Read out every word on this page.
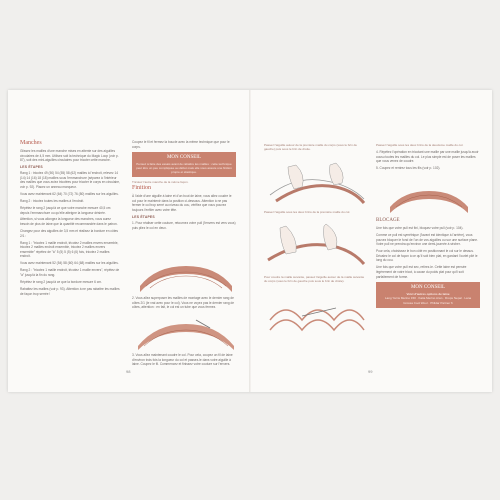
Manches

Glissez les mailles d'une manche mises en attente sur des aiguilles circulaires de 4,5 mm. Utilisez soit la technique du Magic Loop (voir p. 87), soit des mini-aiguilles circulaires pour tricoter cette manche.

LES ÉTAPES

Rang 1 : tricotez 49 (50) 54 (55) 58 (62) mailles à l'endroit, relevez 14 (14) 14 (16) 18 (18) mailles sous l'emmanchure (séparez à l'intérieur des mailles que vous aviez tricotées pour tricoter le corps en circulaire, voir p. 92). Placez un anneau marqueur.

Vous avez maintenant 62 (64) 70 (72) 76 (80) mailles sur les aiguilles.

Rang 2 : tricotez toutes les mailles à l'endroit.

Répétez le rang 2 jusqu'à ce que votre manche mesure 40,5 cm depuis l'emmanchure ou qu'elle atteigne la longueur désirée.

Attention, si vous allongez la longueur des manches, vous aurez besoin de plus de laine que la quantité recommandée dans le patron.

Changez pour des aiguilles de 3,5 mm et réalisez la bordure en côtes 2/1 :

Rang 1 : "tricotez 1 maille endroit, tricotez 2 mailles envers ensemble, tricotez 2 mailles endroit ensemble, tricotez 2 mailles envers ensemble" répétez de "à" 5 (5) 5 (5) 6 (6) fois, tricotez 2 mailles endroit.

Vous avez maintenant 52 (54) 58 (60) 64 (68) mailles sur les aiguilles.

Rang 2 : "tricotez 1 maille endroit, tricotez 1 maille envers", répétez de "à" jusqu'à la fin du rang.

Répétez le rang 2 jusqu'à ce que la bordure mesure 6 cm.

Rabattez les mailles (voir p. 93). Attention à ne pas rabattre les mailles de façon trop serrée !

Coupez le fil et fermez la boucle avec la même technique que pour le corps.

MON CONSEIL

Pensez à faire des essais avant de rabattre les mailles : cette technique peut être un peu compliquée au début mais elle vous assure une finition propre et élastique.

Tricotez l'autre manche de la même façon.

Finition

À l'aide d'une aiguille à laine et d'un bout de laine, vous allez coudre le col pour le maintenir dans la position ci-dessous. Attention à ne pas fermer le col trop serré au niveau du cou, vérifiez que vous pouvez toujours l'enfiler avec votre tête.

LES ÉTAPES

1. Pour réaliser cette couture, retournez votre pull (l'envers est vers vous) puis pliez le col en deux.

2. Vous allez superposer les mailles de montage avec le dernier rang de côtes 2/1 (le vrai avec pour le col). Vous ne voyez pas le dernier rang de côtes, attention : en fait, le col est un tube que vous fermez.

3. Vous allez maintenant coudre le col. Pour cela, coupez un fil de laine d'environ trois fois la longueur du col et passez-le dans votre aiguille à laine. Coupez le fil. Commencez et finissez votre couture sur l'envers.

98

Passez l'aiguille autour de la première maille du corps (sous le brin de gauche) puis sous le brin de droite.

Passez l'aiguille sous les deux brins de la première maille du col.

Pour coudre la maille suivante, passez l'aiguille autour de la maille suivante du corps (sous le brin de gauche puis sous le brin de droite).

Passez l'aiguille sous les deux brins de la deuxième maille du col.

4. Répétez l'opération en tricotant une maille par une maille jusqu'à avoir cousu toutes les mailles du col. Le plus simple est de poser les mailles que vous venez de coudre.

5. Coupez et rentrez tous les fils (voir p. 102).

BLOCAGE

Une fois que votre pull est fini, bloquez votre pull (voir p. 104).

Comme ce pull est symétrique (l'avant est identique à l'arrière), vous pouvez bloquer le fond de l'un de vos aiguilles ou sur une surface plane. Votre pull ne prendra qu'environ une demi-journée à sécher.

Pour cela, choisissez le bon côté en positionnant le col sur le dessus. Décalez le col de façon à ce qu'il soit bien plat, en gardant l'ourlet plié le long du cou.

Une fois que votre pull est sec, retirez-le. Cette laine est pensée légèrement de votre tricot, à cause du poids plat pour qu'il soit parfaitement de forme.

MON CONSEIL

Voici d'autres options de laine

Lang Yarns Merino 150 · Katia Merino Aran · Drops Nepal · Lana Grossa Cool Wool · Phildar Partner 6

99
